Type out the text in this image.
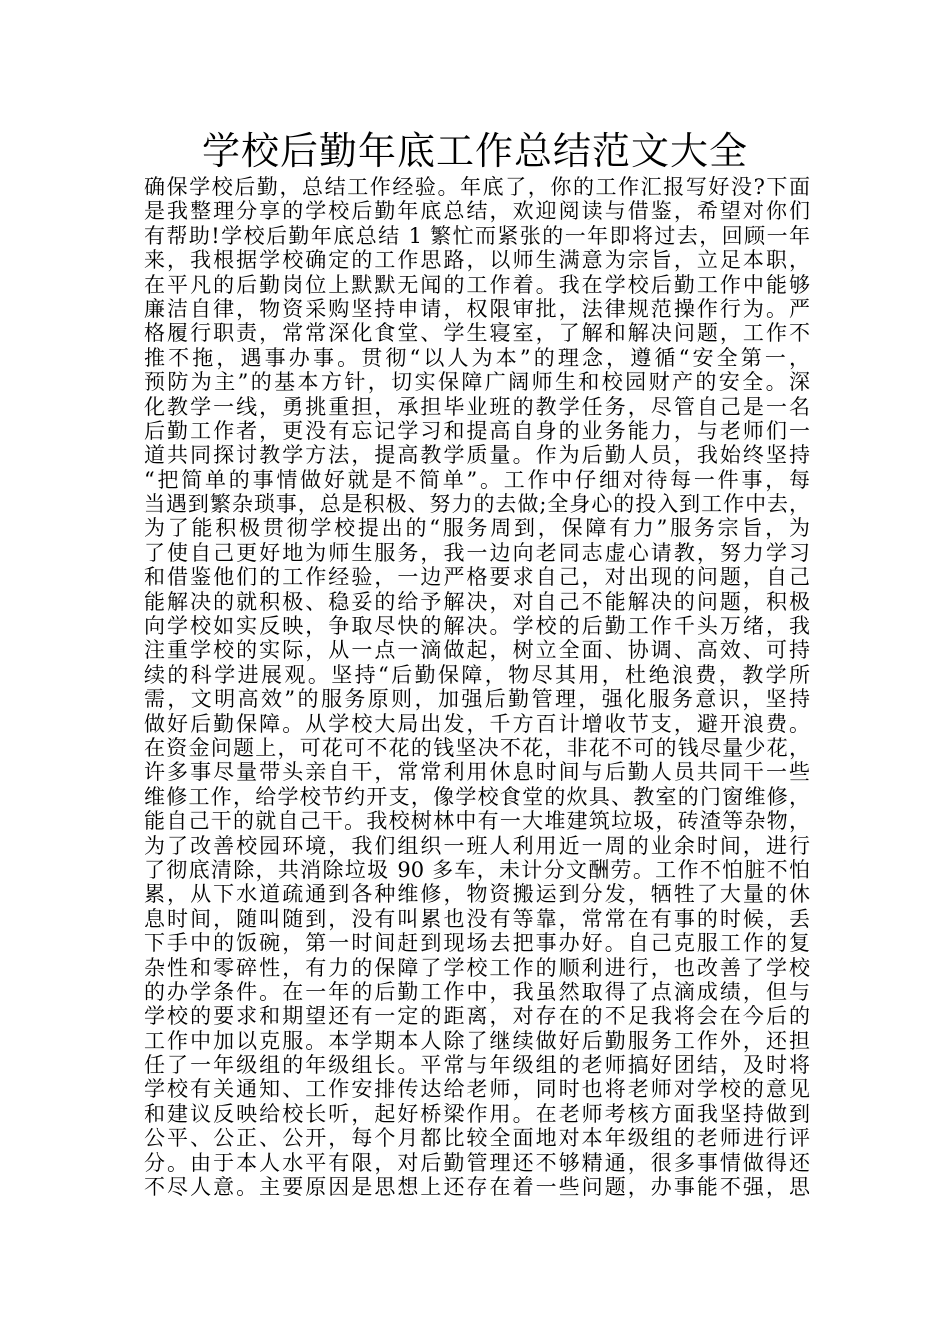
学校后勤年底工作总结范文大全
确保学校后勤，总结工作经验。年底了，你的工作汇报写好没?下面
是我整理分享的学校后勤年底总结，欢迎阅读与借鉴，希望对你们
有帮助!学校后勤年底总结 1 繁忙而紧张的一年即将过去，回顾一年
来，我根据学校确定的工作思路，以师生满意为宗旨，立足本职，
在平凡的后勤岗位上默默无闻的工作着。我在学校后勤工作中能够
廉洁自律，物资采购坚持申请，权限审批，法律规范操作行为。严
格履行职责，常常深化食堂、学生寝室，了解和解决问题，工作不
推不拖，遇事办事。贯彻“以人为本”的理念，遵循“安全第一，
预防为主”的基本方针，切实保障广阔师生和校园财产的安全。深
化教学一线，勇挑重担，承担毕业班的教学任务，尽管自己是一名
后勤工作者，更没有忘记学习和提高自身的业务能力，与老师们一
道共同探讨教学方法，提高教学质量。作为后勤人员，我始终坚持
“把简单的事情做好就是不简单”。工作中仔细对待每一件事，每
当遇到繁杂琐事，总是积极、努力的去做;全身心的投入到工作中去，
为了能积极贯彻学校提出的“服务周到，保障有力”服务宗旨，为
了使自己更好地为师生服务，我一边向老同志虚心请教，努力学习
和借鉴他们的工作经验，一边严格要求自己，对出现的问题，自己
能解决的就积极、稳妥的给予解决，对自己不能解决的问题，积极
向学校如实反映，争取尽快的解决。学校的后勤工作千头万绪，我
注重学校的实际，从一点一滴做起，树立全面、协调、高效、可持
续的科学进展观。坚持“后勤保障，物尽其用，杜绝浪费，教学所
需，文明高效”的服务原则，加强后勤管理，强化服务意识，坚持
做好后勤保障。从学校大局出发，千方百计增收节支，避开浪费。
在资金问题上，可花可不花的钱坚决不花，非花不可的钱尽量少花，
许多事尽量带头亲自干，常常利用休息时间与后勤人员共同干一些
维修工作，给学校节约开支，像学校食堂的炊具、教室的门窗维修，
能自己干的就自己干。我校树林中有一大堆建筑垃圾，砖渣等杂物，
为了改善校园环境，我们组织一班人利用近一周的业余时间，进行
了彻底清除，共消除垃圾 90 多车，未计分文酬劳。工作不怕脏不怕
累，从下水道疏通到各种维修，物资搬运到分发，牺牲了大量的休
息时间，随叫随到，没有叫累也没有等靠，常常在有事的时候，丢
下手中的饭碗，第一时间赶到现场去把事办好。自己克服工作的复
杂性和零碎性，有力的保障了学校工作的顺利进行，也改善了学校
的办学条件。在一年的后勤工作中，我虽然取得了点滴成绩，但与
学校的要求和期望还有一定的距离，对存在的不足我将会在今后的
工作中加以克服。本学期本人除了继续做好后勤服务工作外，还担
任了一年级组的年级组长。平常与年级组的老师搞好团结，及时将
学校有关通知、工作安排传达给老师，同时也将老师对学校的意见
和建议反映给校长听，起好桥梁作用。在老师考核方面我坚持做到
公平、公正、公开，每个月都比较全面地对本年级组的老师进行评
分。由于本人水平有限，对后勤管理还不够精通，很多事情做得还
不尽人意。主要原因是思想上还存在着一些问题，办事能不强，思
